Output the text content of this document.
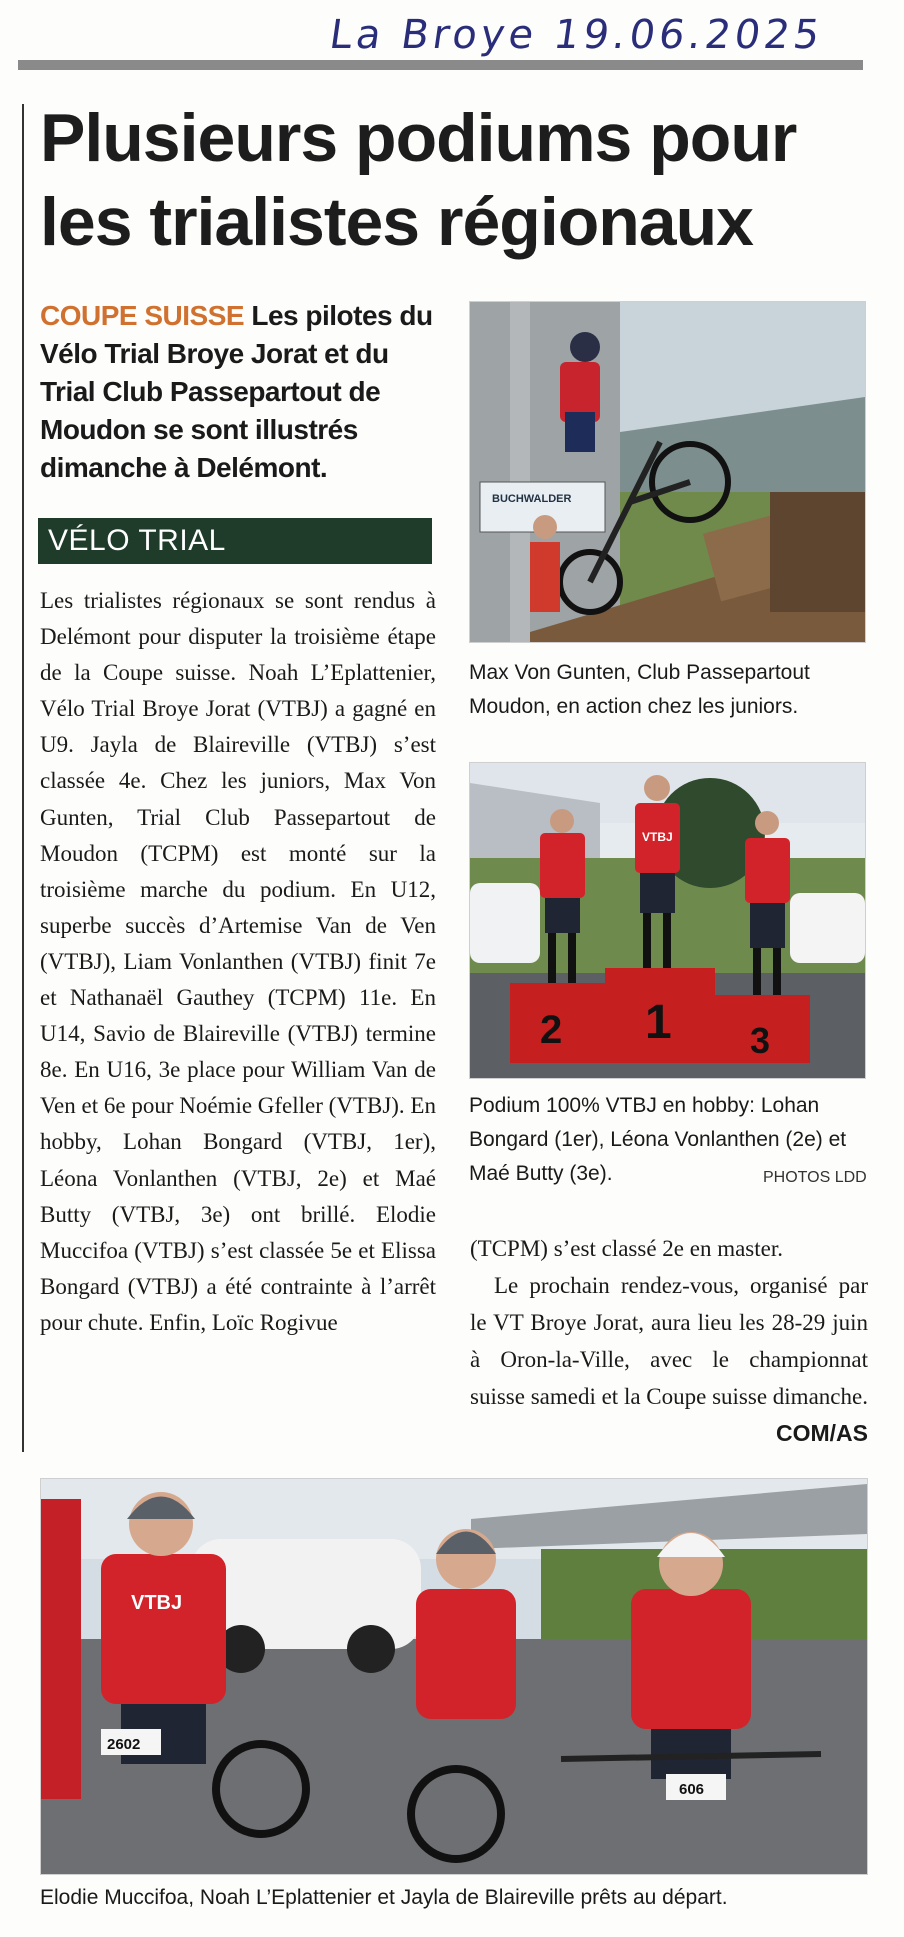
La Broye 19.06.2025
Plusieurs podiums pour les trialistes régionaux
COUPE SUISSE Les pilotes du Vélo Trial Broye Jorat et du Trial Club Passepartout de Moudon se sont illustrés dimanche à Delémont.
VÉLO TRIAL
Les trialistes régionaux se sont rendus à Delémont pour disputer la troisième étape de la Coupe suisse. Noah L’Eplattenier, Vélo Trial Broye Jorat (VTBJ) a gagné en U9. Jayla de Blaireville (VTBJ) s’est classée 4e. Chez les juniors, Max Von Gunten, Trial Club Passepartout de Moudon (TCPM) est monté sur la troisième marche du podium. En U12, superbe succès d’Artemise Van de Ven (VTBJ), Liam Vonlanthen (VTBJ) finit 7e et Nathanaël Gauthey (TCPM) 11e. En U14, Savio de Blaireville (VTBJ) termine 8e. En U16, 3e place pour William Van de Ven et 6e pour Noémie Gfeller (VTBJ). En hobby, Lohan Bongard (VTBJ, 1er), Léona Vonlanthen (VTBJ, 2e) et Maé Butty (VTBJ, 3e) ont brillé. Elodie Muccifoa (VTBJ) s’est classée 5e et Elissa Bongard (VTBJ) a été contrainte à l’arrêt pour chute. Enfin, Loïc Rogivue
BUCHWALDER
Max Von Gunten, Club Passepartout Moudon, en action chez les juniors.
2 1 3
VTBJ
Podium 100% VTBJ en hobby: Lohan Bongard (1er), Léona Vonlanthen (2e) et Maé Butty (3e).	PHOTOS LDD

(TCPM) s’est classé 2e en master.

Le prochain rendez-vous, organisé par le VT Broye Jorat, aura lieu les 28-29 juin à Oron-la-Ville, avec le championnat suisse samedi et la Coupe suisse dimanche.
COM/AS

VTBJ
2602
606
Elodie Muccifoa, Noah L’Eplattenier et Jayla de Blaireville prêts au départ.
